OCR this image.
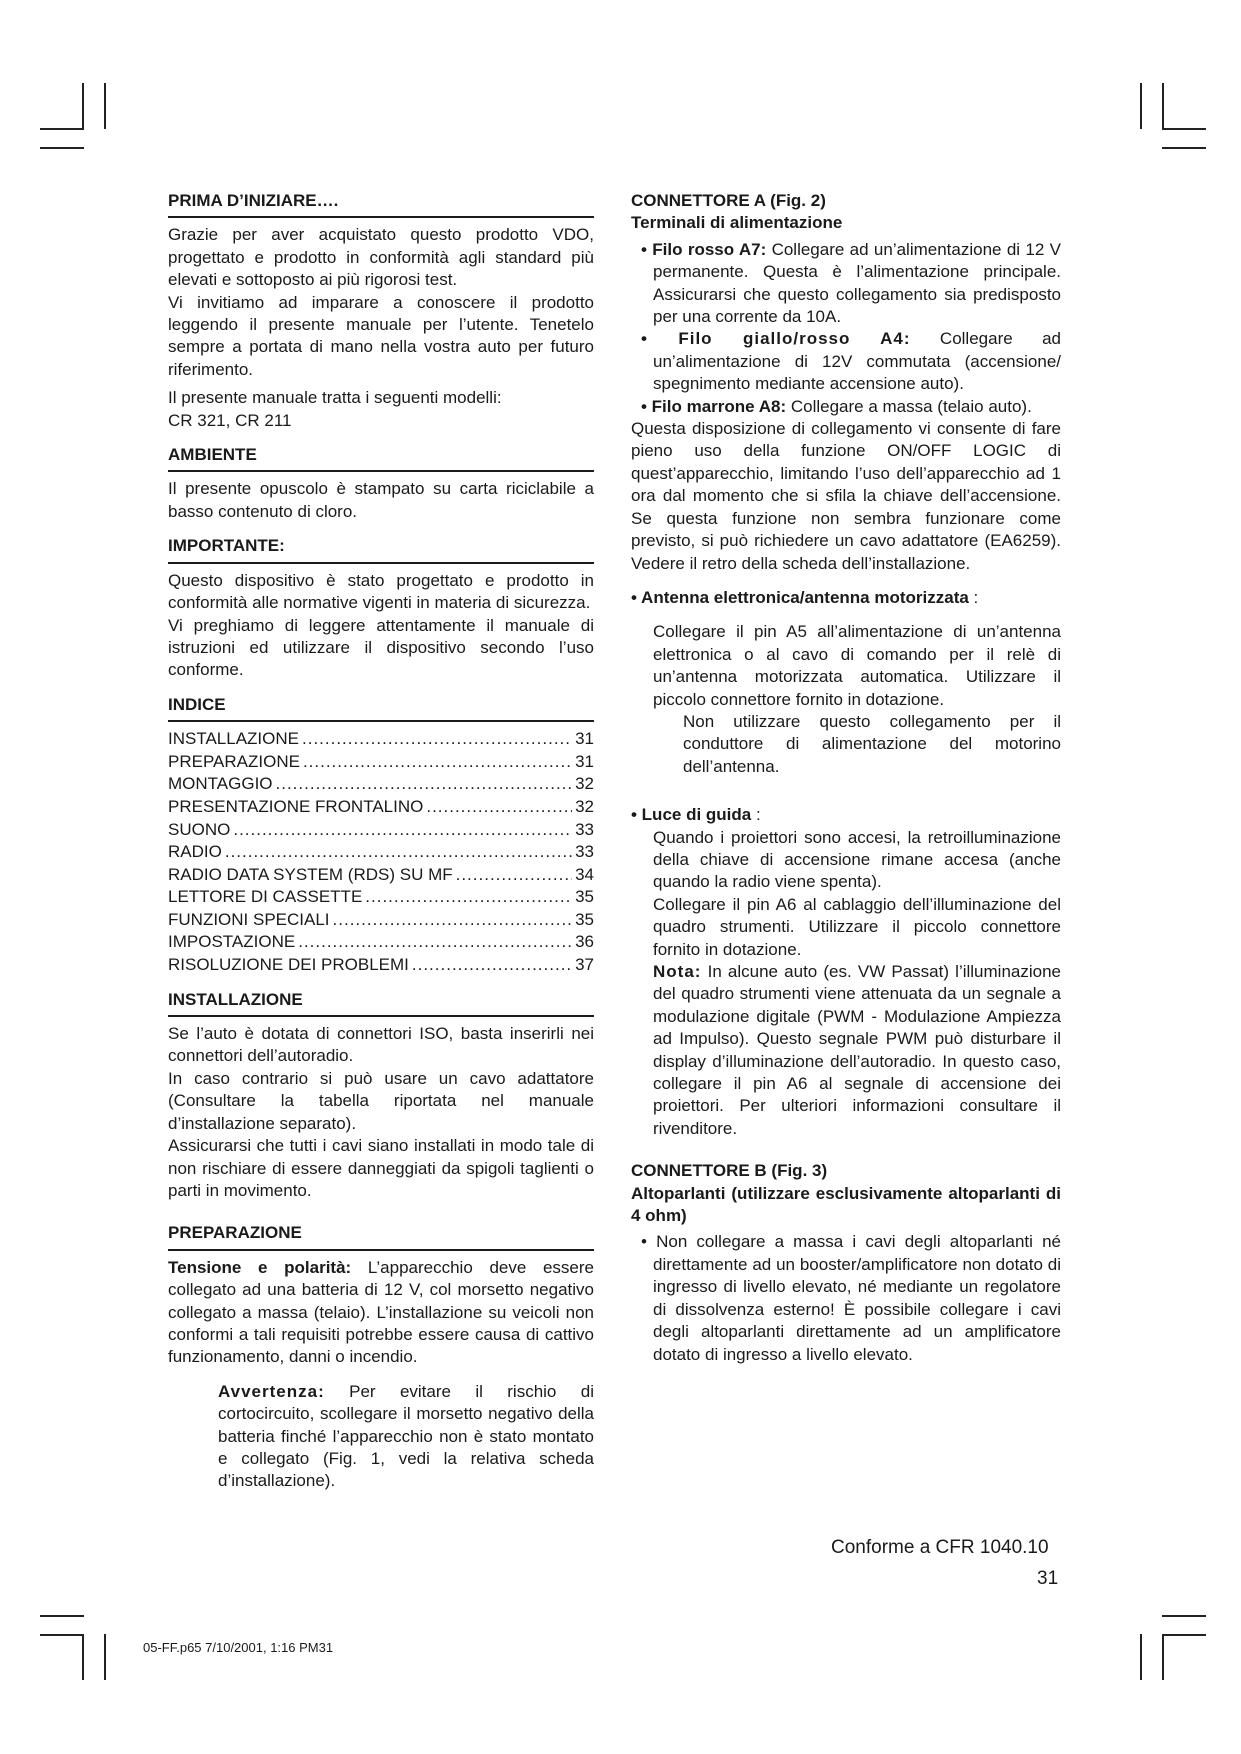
PRIMA D’INIZIARE….

Grazie per aver acquistato questo prodotto VDO, progettato e prodotto in conformità agli standard più elevati e sottoposto ai più rigorosi test.

Vi invitiamo ad imparare a conoscere il prodotto leggendo il presente manuale per l’utente. Tenetelo sempre a portata di mano nella vostra auto per futuro riferimento.

Il presente manuale tratta i seguenti modelli:

CR 321, CR 211

AMBIENTE

Il presente opuscolo è stampato su carta riciclabile a basso contenuto di cloro.

IMPORTANTE:

Questo dispositivo è stato progettato e prodotto in conformità alle normative vigenti in materia di sicurezza.

Vi preghiamo di leggere attentamente il manuale di istruzioni ed utilizzare il dispositivo secondo l’uso conforme.

INDICE
INSTALLAZIONE .....	31
PREPARAZIONE .....	31
MONTAGGIO .....	32
PRESENTAZIONE FRONTALINO .....	32
SUONO .....	33
RADIO .....	33
RADIO DATA SYSTEM (RDS) SU MF .....	34
LETTORE DI CASSETTE .....	35
FUNZIONI SPECIALI .....	35
IMPOSTAZIONE .....	36
RISOLUZIONE DEI PROBLEMI .....	37
INSTALLAZIONE

Se l’auto è dotata di connettori ISO, basta inserirli nei connettori dell’autoradio.

In caso contrario si può usare un cavo adattatore (Consultare la tabella riportata nel manuale d’installazione separato).

Assicurarsi che tutti i cavi siano installati in modo tale di non rischiare di essere danneggiati da spigoli taglienti o parti in movimento.

PREPARAZIONE

Tensione e polarità: L’apparecchio deve essere collegato ad una batteria di 12 V, col morsetto negativo collegato a massa (telaio). L’installazione su veicoli non conformi a tali requisiti potrebbe essere causa di cattivo funzionamento, danni o incendio.

Avvertenza: Per evitare il rischio di cortocircuito, scollegare il morsetto negativo della batteria finché l’apparecchio non è stato montato e collegato (Fig. 1, vedi la relativa scheda d’installazione).

CONNETTORE A (Fig. 2)
Terminali di alimentazione

• Filo rosso A7: Collegare ad un’alimentazione di 12 V permanente. Questa è l’alimentazione principale. Assicurarsi che questo collegamento sia predisposto per una corrente da 10A.

• Filo giallo/rosso A4: Collegare ad un’alimentazione di 12V commutata (accensione/ spegnimento mediante accensione auto).

• Filo marrone A8: Collegare a massa (telaio auto).

Questa disposizione di collegamento vi consente di fare pieno uso della funzione ON/OFF LOGIC di quest’apparecchio, limitando l’uso dell’apparecchio ad 1 ora dal momento che si sfila la chiave dell’accensione. Se questa funzione non sembra funzionare come previsto, si può richiedere un cavo adattatore (EA6259). Vedere il retro della scheda dell’installazione.

• Antenna elettronica/antenna motorizzata :

Collegare il pin A5 all’alimentazione di un’antenna elettronica o al cavo di comando per il relè di un’antenna motorizzata automatica. Utilizzare il piccolo connettore fornito in dotazione.

Non utilizzare questo collegamento per il conduttore di alimentazione del motorino dell’antenna.

• Luce di guida :

Quando i proiettori sono accesi, la retroilluminazione della chiave di accensione rimane accesa (anche quando la radio viene spenta).

Collegare il pin A6 al cablaggio dell’illuminazione del quadro strumenti. Utilizzare il piccolo connettore fornito in dotazione.

Nota: In alcune auto (es. VW Passat) l’illuminazione del quadro strumenti viene attenuata da un segnale a modulazione digitale (PWM - Modulazione Ampiezza ad Impulso). Questo segnale PWM può disturbare il display d’illuminazione dell’autoradio. In questo caso, collegare il pin A6 al segnale di accensione dei proiettori. Per ulteriori informazioni consultare il rivenditore.

CONNETTORE B (Fig. 3)
Altoparlanti (utilizzare esclusivamente altoparlanti di 4 ohm)

• Non collegare a massa i cavi degli altoparlanti né direttamente ad un booster/amplificatore non dotato di ingresso di livello elevato, né mediante un regolatore di dissolvenza esterno! È possibile collegare i cavi degli altoparlanti direttamente ad un amplificatore dotato di ingresso a livello elevato.

Conforme a CFR 1040.10
31
05-FF.p65 7/10/2001, 1:16 PM31
